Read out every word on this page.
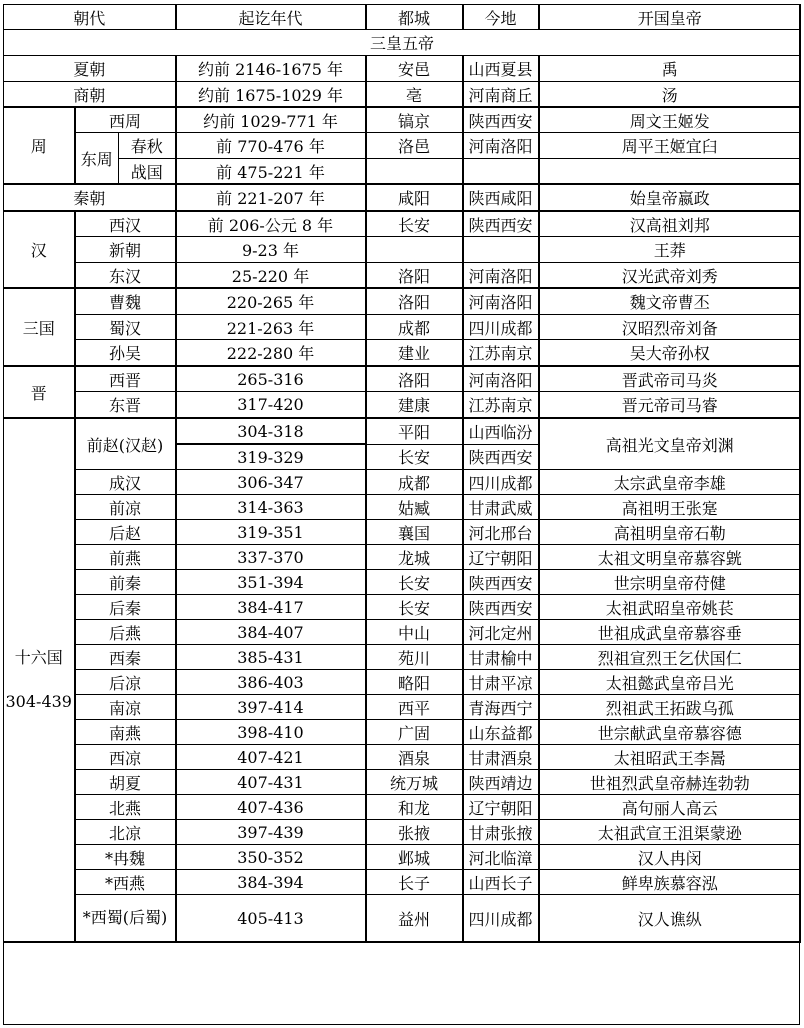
朝代			起讫年代	都城	今地	开国皇帝
三皇五帝						
夏朝			约前 2146-1675 年	安邑	山西夏县	禹
商朝			约前 1675-1029 年	亳	河南商丘	汤
周	西周		约前 1029-771 年	镐京	陕西西安	周文王姬发
	东周	春秋	前 770-476 年	洛邑	河南洛阳	周平王姬宜臼
		战国	前 475-221 年			
秦朝			前 221-207 年	咸阳	陕西咸阳	始皇帝嬴政
汉	西汉		前 206-公元 8 年	长安	陕西西安	汉高祖刘邦
	新朝		9-23 年			王莽
	东汉		25-220 年	洛阳	河南洛阳	汉光武帝刘秀
三国	曹魏		220-265 年	洛阳	河南洛阳	魏文帝曹丕
	蜀汉		221-263 年	成都	四川成都	汉昭烈帝刘备
	孙吴		222-280 年	建业	江苏南京	吴大帝孙权
晋	西晋		265-316	洛阳	河南洛阳	晋武帝司马炎
	东晋		317-420	建康	江苏南京	晋元帝司马睿

十六国
304-439	前赵(汉赵)		304-318	平阳	山西临汾	高祖光文皇帝刘渊
			319-329	长安	陕西西安	
	成汉		306-347	成都	四川成都	太宗武皇帝李雄
	前凉		314-363	姑臧	甘肃武威	高祖明王张寔
	后赵		319-351	襄国	河北邢台	高祖明皇帝石勒
	前燕		337-370	龙城	辽宁朝阳	太祖文明皇帝慕容皝
	前秦		351-394	长安	陕西西安	世宗明皇帝苻健
	后秦		384-417	长安	陕西西安	太祖武昭皇帝姚苌
	后燕		384-407	中山	河北定州	世祖成武皇帝慕容垂
	西秦		385-431	苑川	甘肃榆中	烈祖宣烈王乞伏国仁
	后凉		386-403	略阳	甘肃平凉	太祖懿武皇帝吕光
	南凉		397-414	西平	青海西宁	烈祖武王拓跋乌孤
	南燕		398-410	广固	山东益都	世宗献武皇帝慕容德
	西凉		407-421	酒泉	甘肃酒泉	太祖昭武王李暠
	胡夏		407-431	统万城	陕西靖边	世祖烈武皇帝赫连勃勃
	北燕		407-436	和龙	辽宁朝阳	高句丽人高云
	北凉		397-439	张掖	甘肃张掖	太祖武宣王沮渠蒙逊
	*冉魏		350-352	邺城	河北临漳	汉人冉闵
	*西燕		384-394	长子	山西长子	鲜卑族慕容泓
	*西蜀(后蜀)		405-413	益州	四川成都	汉人谯纵
